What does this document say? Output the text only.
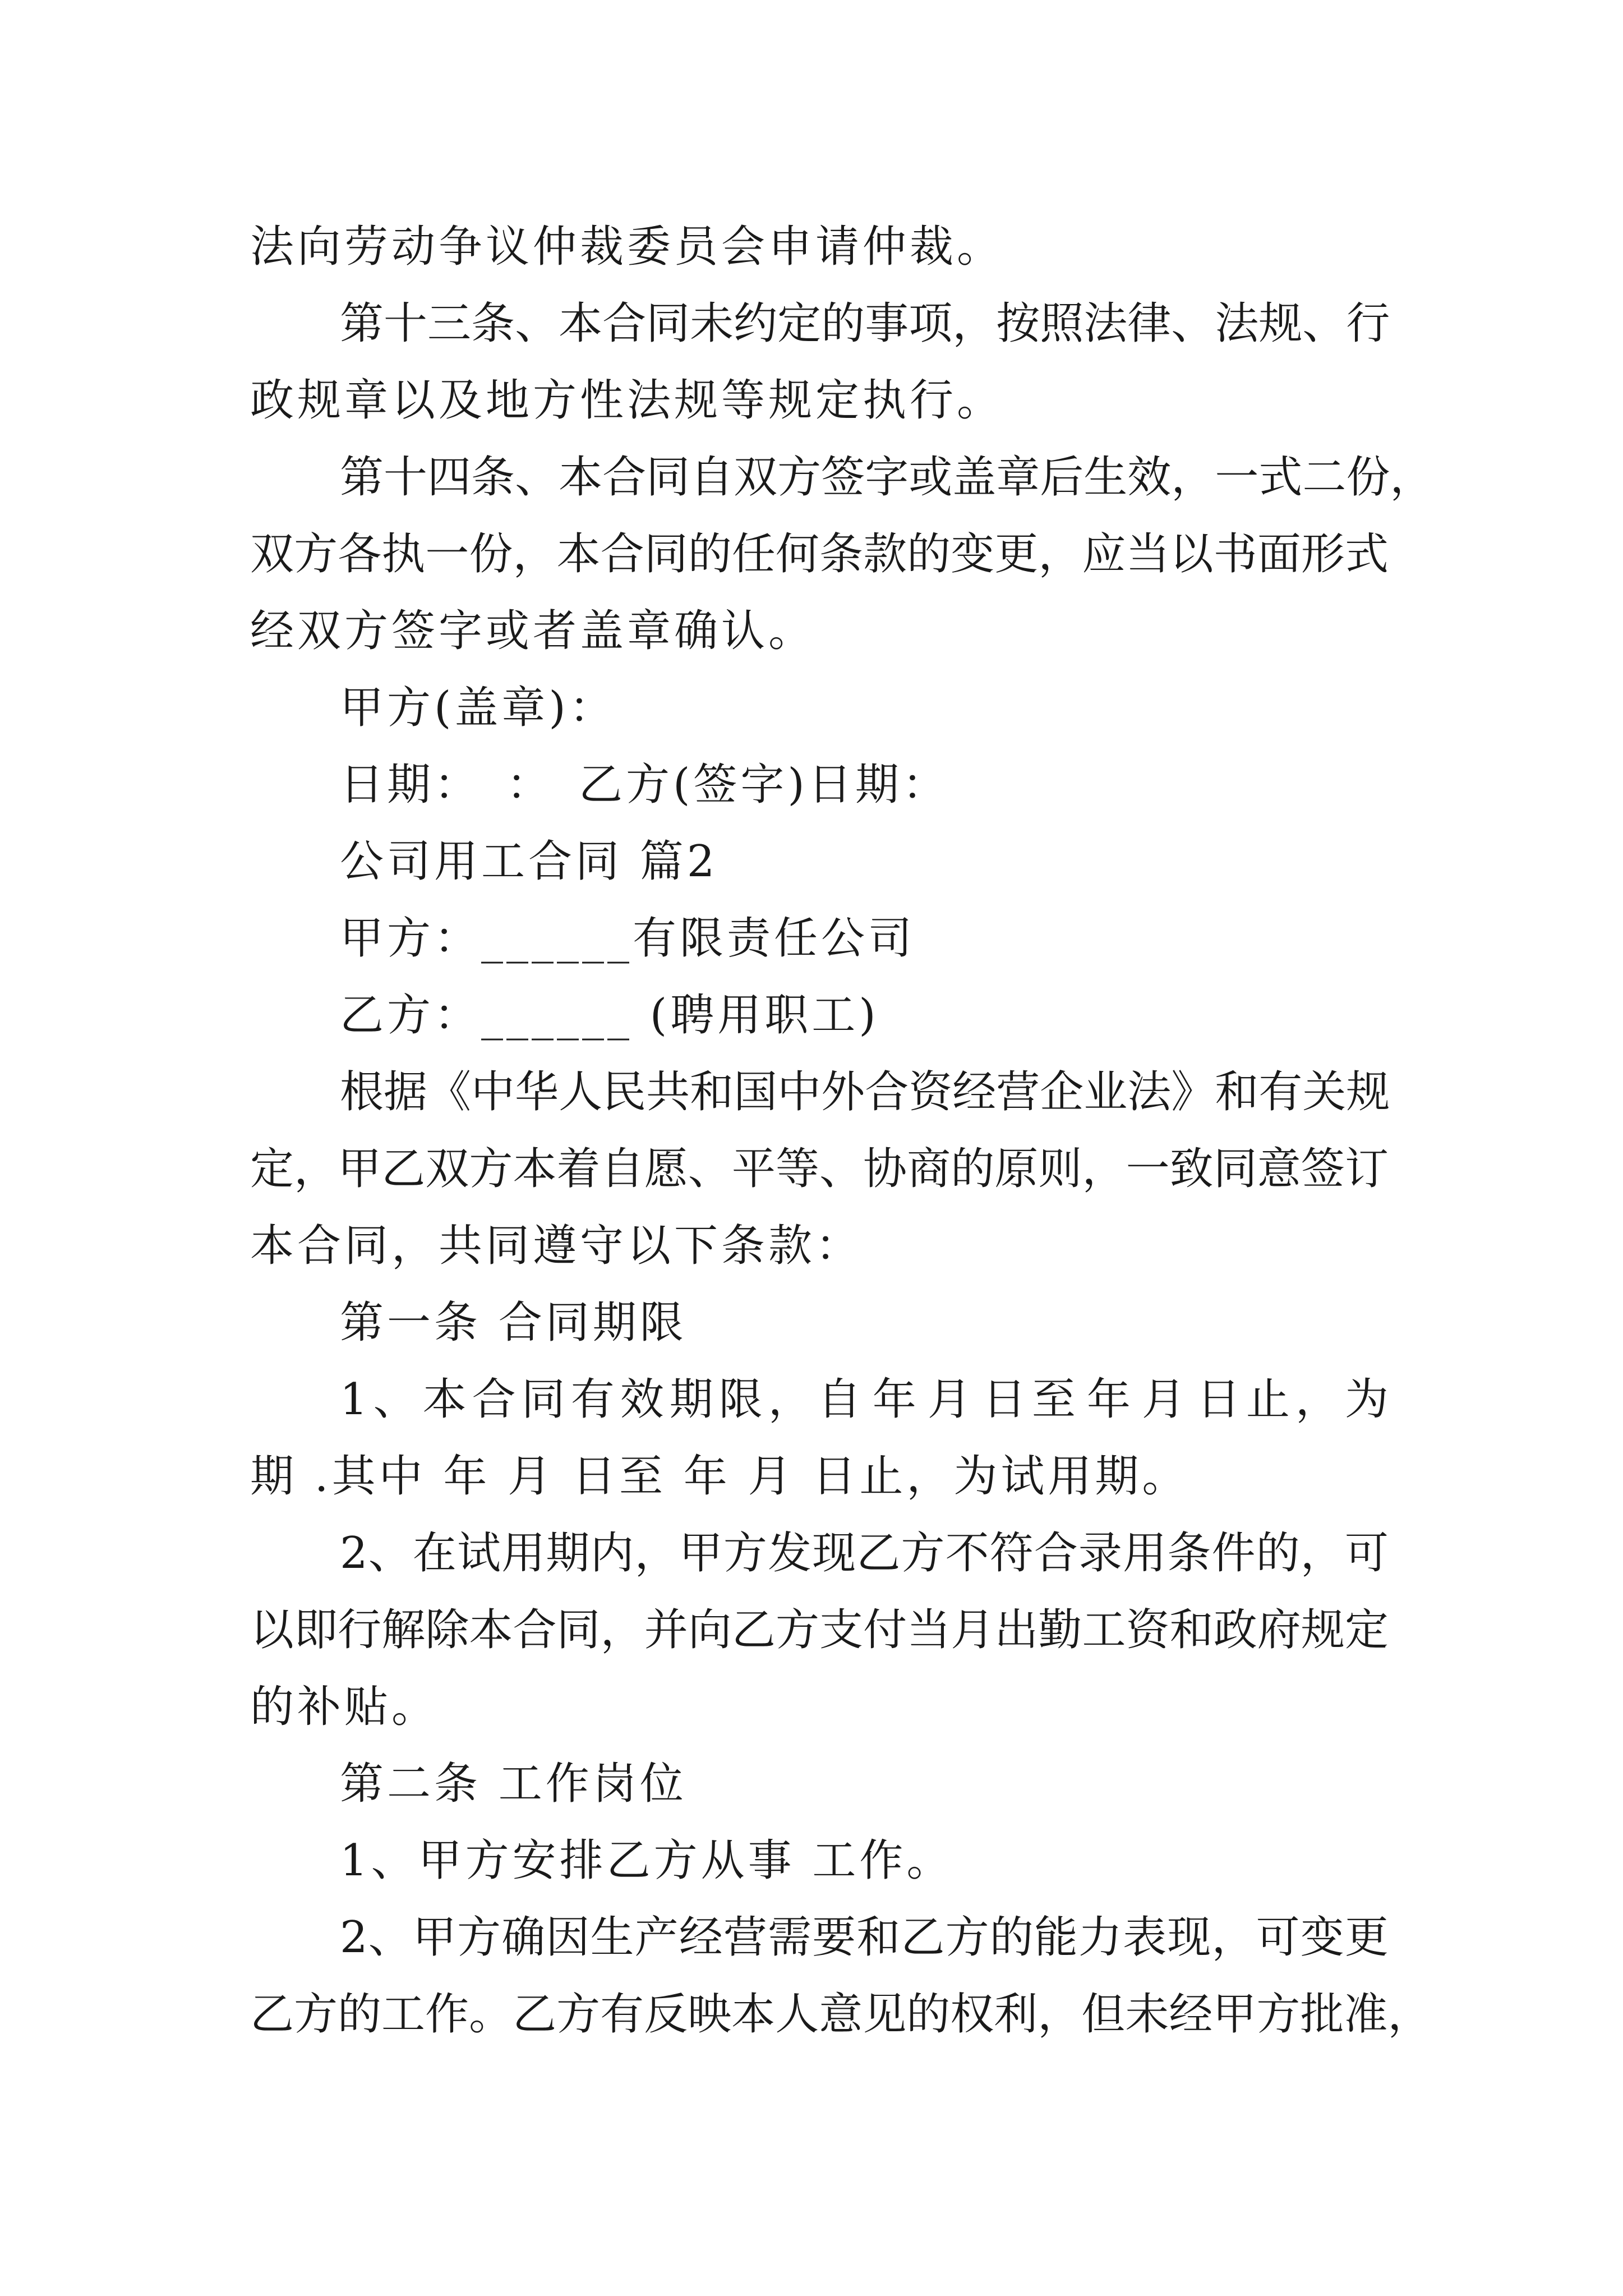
法向劳动争议仲裁委员会申请仲裁。

第 十 三 条 、 本 合 同 未 约 定 的 事 项 ， 按 照 法 律 、 法 规 、 行

政规章以及地方性法规等规定执行。

第 十 四 条 、 本 合 同 自 双 方 签 字 或 盖 章 后 生 效 ， 一 式 二 份 ，

双 方 各 执 一 份 ， 本 合 同 的 任 何 条 款 的 变 更 ， 应 当 以 书 面 形 式

经双方签字或者盖章确认。

甲方(盖章)：

日期：　：　乙方(签字)日期：

公司用工合同 篇2

甲方：______有限责任公司

乙方：______ (聘用职工)

根 据 《 中 华 人 民 共 和 国 中 外 合 资 经 营 企 业 法 》 和 有 关 规

定 ， 甲 乙 双 方 本 着 自 愿 、 平 等 、 协 商 的 原 则 ， 一 致 同 意 签 订

本合同，共同遵守以下条款：

第一条 合同期限

1 、 本 合 同 有 效 期 限 ， 自 年 月 日 至 年 月 日 止 ， 为

期 .其中 年 月 日至 年 月 日止，为试用期。

2 、 在 试 用 期 内 ， 甲 方 发 现 乙 方 不 符 合 录 用 条 件 的 ， 可

以 即 行 解 除 本 合 同 ， 并 向 乙 方 支 付 当 月 出 勤 工 资 和 政 府 规 定

的补贴。

第二条 工作岗位

1、甲方安排乙方从事 工作。

2 、 甲 方 确 因 生 产 经 营 需 要 和 乙 方 的 能 力 表 现 ， 可 变 更

乙 方 的 工 作 。 乙 方 有 反 映 本 人 意 见 的 权 利 ， 但 未 经 甲 方 批 准 ，
